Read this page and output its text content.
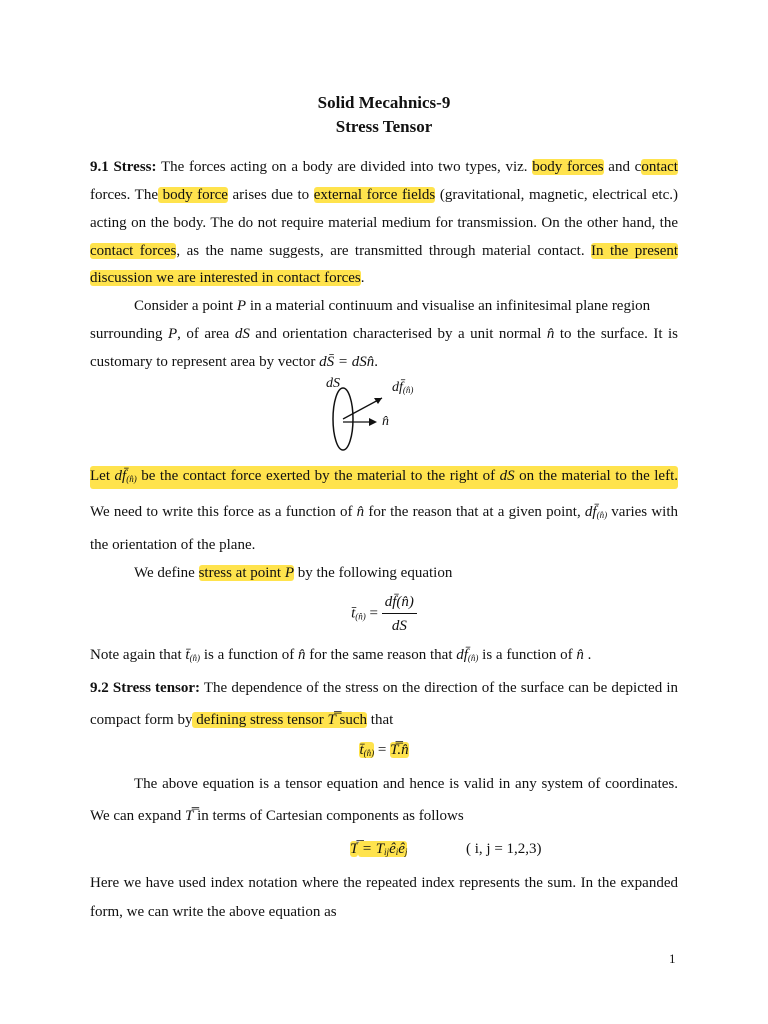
Solid Mecahnics-9
Stress Tensor
9.1 Stress: The forces acting on a body are divided into two types, viz. body forces and contact
forces. The body force arises due to external force fields (gravitational, magnetic, electrical etc.)
acting on the body. The do not require material medium for transmission. On the other hand, the
contact forces, as the name suggests, are transmitted through material contact. In the present
discussion we are interested in contact forces.
Consider a point P in a material continuum and visualise an infinitesimal plane region
surrounding P, of area dS and orientation characterised by a unit normal n̂ to the surface. It is
customary to represent area by vector dS̄ = dSn̂.
dS	df̄(n̂)
n̂
Let df̄(n̂) be the contact force exerted by the material to the right of dS on the material to the left.
We need to write this force as a function of n̂ for the reason that at a given point, df̄(n̂) varies with
the orientation of the plane.
We define stress at point P by the following equation
t̄(n̂) = $\frac{df̄(n̂)}{dS}$
Note again that t̄(n̂) is a function of n̂ for the same reason that df̄(n̂) is a function of n̂ .
9.2 Stress tensor: The dependence of the stress on the direction of the surface can be depicted in
compact form by defining stress tensor T̿ such that
t̄(n̂) = T̿.n̂
The above equation is a tensor equation and hence is valid in any system of coordinates.
We can expand T̿ in terms of Cartesian components as follows
T̿ = Tijêiêj	( i, j = 1,2,3)
Here we have used index notation where the repeated index represents the sum. In the expanded
form, we can write the above equation as
1
